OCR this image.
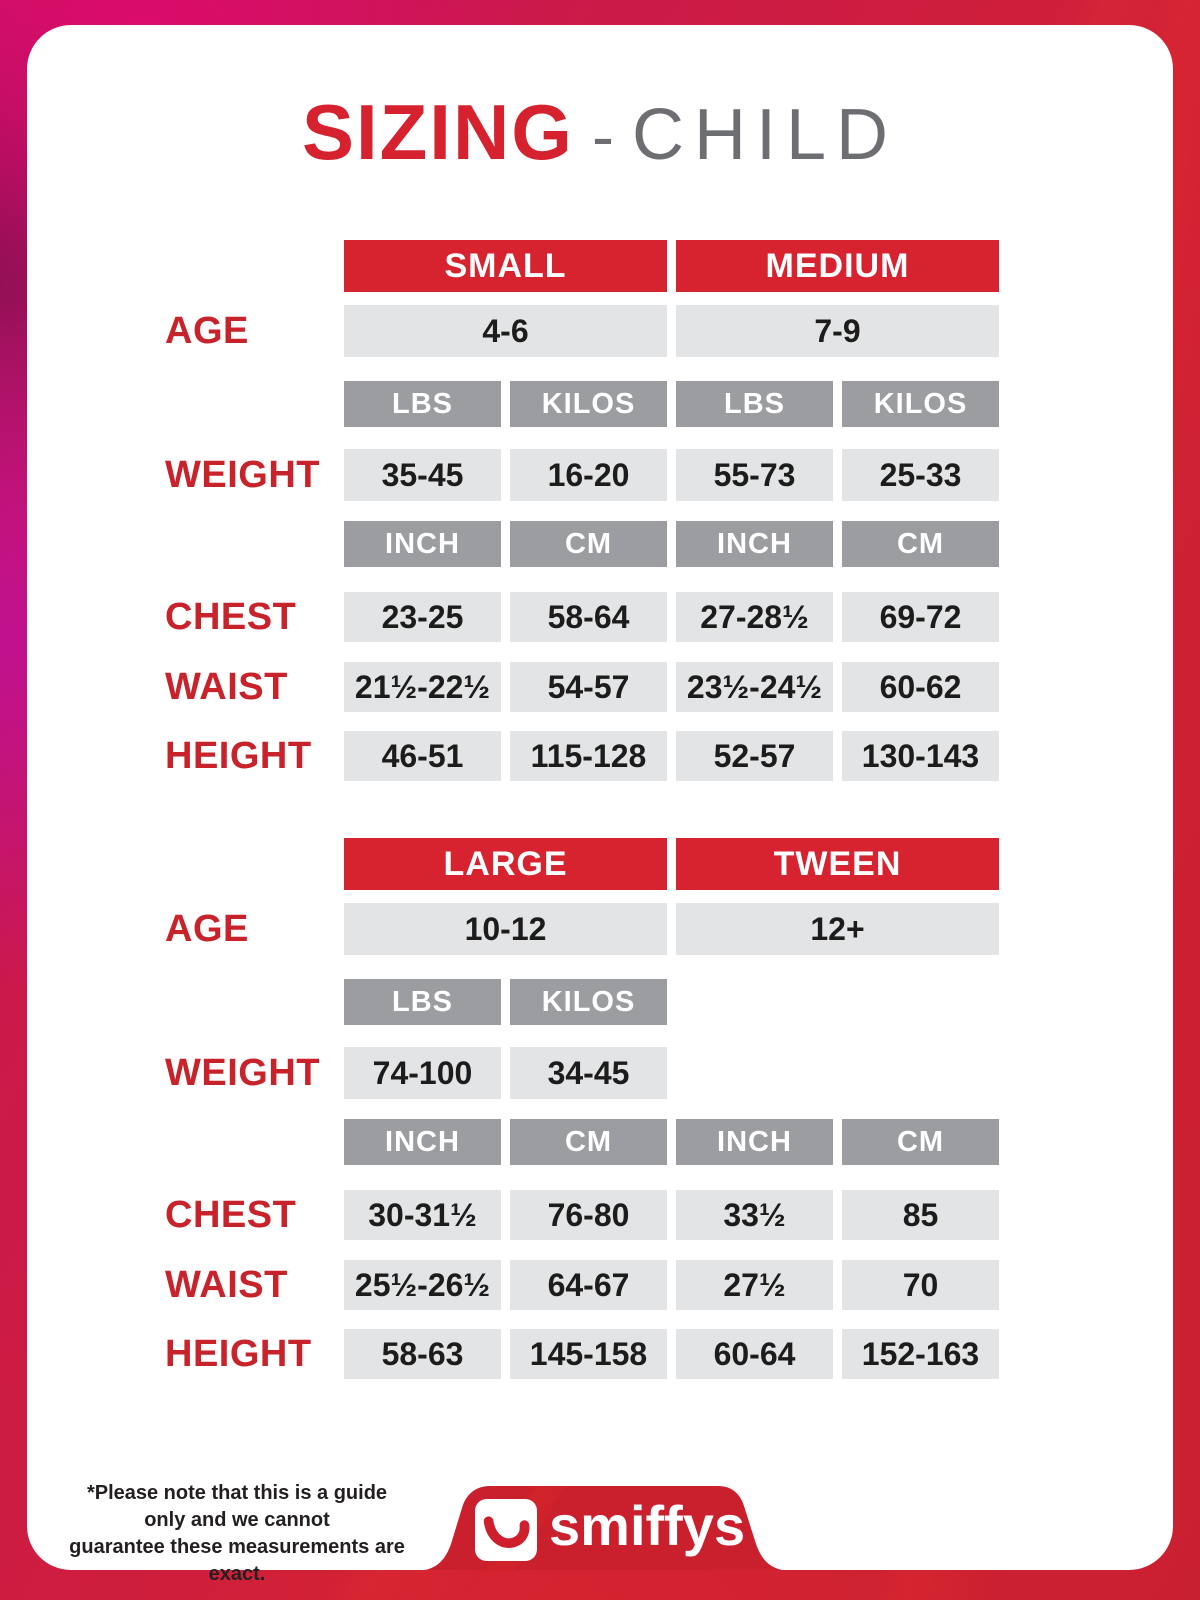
SIZING - CHILD
SMALL	MEDIUM
AGE	4-6	7-9
LBS	KILOS	LBS	KILOS
WEIGHT	35-45	16-20	55-73	25-33
INCH	CM	INCH	CM
CHEST	23-25	58-64	27-28½	69-72
WAIST	21½-22½	54-57	23½-24½	60-62
HEIGHT	46-51	115-128	52-57	130-143
LARGE	TWEEN
AGE	10-12	12+
LBS	KILOS
WEIGHT	74-100	34-45
INCH	CM	INCH	CM
CHEST	30-31½	76-80	33½	85
WAIST	25½-26½	64-67	27½	70
HEIGHT	58-63	145-158	60-64	152-163
*Please note that this is a guide only and we cannot
guarantee these measurements are exact.
smiffys TM
